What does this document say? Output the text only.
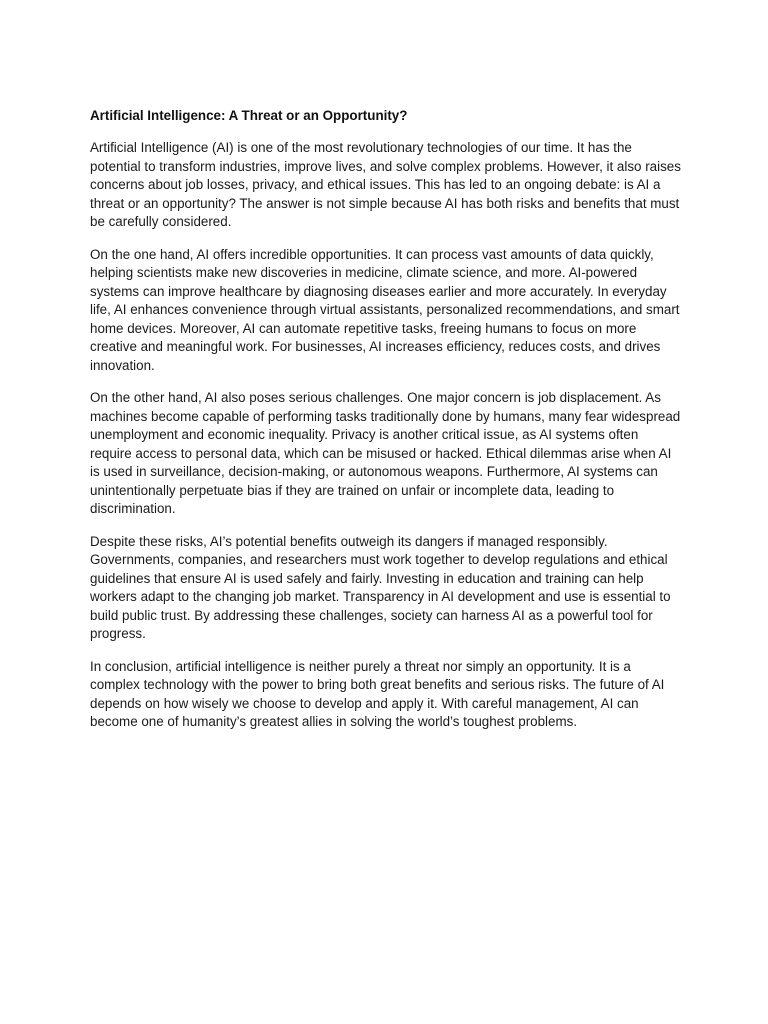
Artificial Intelligence: A Threat or an Opportunity?

Artificial Intelligence (AI) is one of the most revolutionary technologies of our time. It has the potential to transform industries, improve lives, and solve complex problems. However, it also raises concerns about job losses, privacy, and ethical issues. This has led to an ongoing debate: is AI a threat or an opportunity? The answer is not simple because AI has both risks and benefits that must be carefully considered.

On the one hand, AI offers incredible opportunities. It can process vast amounts of data quickly, helping scientists make new discoveries in medicine, climate science, and more. AI-powered systems can improve healthcare by diagnosing diseases earlier and more accurately. In everyday life, AI enhances convenience through virtual assistants, personalized recommendations, and smart home devices. Moreover, AI can automate repetitive tasks, freeing humans to focus on more creative and meaningful work. For businesses, AI increases efficiency, reduces costs, and drives innovation.

On the other hand, AI also poses serious challenges. One major concern is job displacement. As machines become capable of performing tasks traditionally done by humans, many fear widespread unemployment and economic inequality. Privacy is another critical issue, as AI systems often require access to personal data, which can be misused or hacked. Ethical dilemmas arise when AI is used in surveillance, decision-making, or autonomous weapons. Furthermore, AI systems can unintentionally perpetuate bias if they are trained on unfair or incomplete data, leading to discrimination.

Despite these risks, AI’s potential benefits outweigh its dangers if managed responsibly. Governments, companies, and researchers must work together to develop regulations and ethical guidelines that ensure AI is used safely and fairly. Investing in education and training can help workers adapt to the changing job market. Transparency in AI development and use is essential to build public trust. By addressing these challenges, society can harness AI as a powerful tool for progress.

In conclusion, artificial intelligence is neither purely a threat nor simply an opportunity. It is a complex technology with the power to bring both great benefits and serious risks. The future of AI depends on how wisely we choose to develop and apply it. With careful management, AI can become one of humanity’s greatest allies in solving the world’s toughest problems.
